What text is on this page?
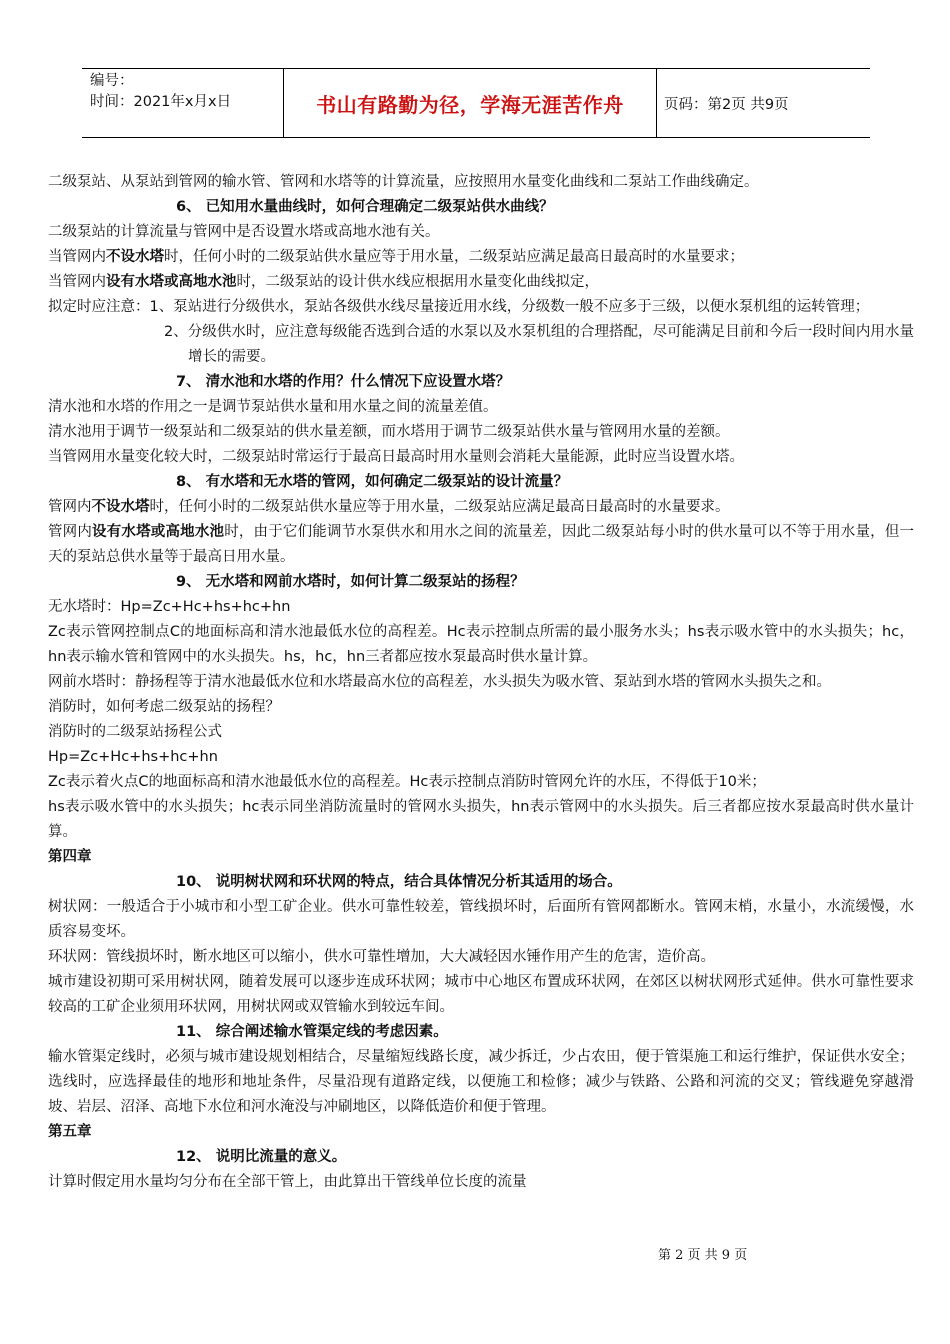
编号：
时间：2021年x月x日	书山有路勤为径，学海无涯苦作舟	页码：第2页 共9页
二级泵站、从泵站到管网的输水管、管网和水塔等的计算流量，应按照用水量变化曲线和二泵站工作曲线确定。
6、 已知用水量曲线时，如何合理确定二级泵站供水曲线？
二级泵站的计算流量与管网中是否设置水塔或高地水池有关。
当管网内不设水塔时，任何小时的二级泵站供水量应等于用水量，二级泵站应满足最高日最高时的水量要求；
当管网内设有水塔或高地水池时，二级泵站的设计供水线应根据用水量变化曲线拟定，
拟定时应注意：1、泵站进行分级供水，泵站各级供水线尽量接近用水线，分级数一般不应多于三级，以便水泵机组的运转管理；
2、分级供水时，应注意每级能否选到合适的水泵以及水泵机组的合理搭配，尽可能满足目前和今后一段时间内用水量增长的需要。
7、 清水池和水塔的作用？什么情况下应设置水塔？
清水池和水塔的作用之一是调节泵站供水量和用水量之间的流量差值。
清水池用于调节一级泵站和二级泵站的供水量差额，而水塔用于调节二级泵站供水量与管网用水量的差额。
当管网用水量变化较大时，二级泵站时常运行于最高日最高时用水量则会消耗大量能源，此时应当设置水塔。
8、 有水塔和无水塔的管网，如何确定二级泵站的设计流量？
管网内不设水塔时，任何小时的二级泵站供水量应等于用水量，二级泵站应满足最高日最高时的水量要求。
管网内设有水塔或高地水池时，由于它们能调节水泵供水和用水之间的流量差，因此二级泵站每小时的供水量可以不等于用水量，但一天的泵站总供水量等于最高日用水量。
9、 无水塔和网前水塔时，如何计算二级泵站的扬程？
无水塔时：Hp=Zc+Hc+hs+hc+hn
Zc表示管网控制点C的地面标高和清水池最低水位的高程差。Hc表示控制点所需的最小服务水头；hs表示吸水管中的水头损失；hc，hn表示输水管和管网中的水头损失。hs，hc，hn三者都应按水泵最高时供水量计算。
网前水塔时：静扬程等于清水池最低水位和水塔最高水位的高程差，水头损失为吸水管、泵站到水塔的管网水头损失之和。
消防时，如何考虑二级泵站的扬程？
消防时的二级泵站扬程公式
Hp=Zc+Hc+hs+hc+hn
Zc表示着火点C的地面标高和清水池最低水位的高程差。Hc表示控制点消防时管网允许的水压，不得低于10米；
hs表示吸水管中的水头损失；hc表示同坐消防流量时的管网水头损失，hn表示管网中的水头损失。后三者都应按水泵最高时供水量计算。
第四章
10、 说明树状网和环状网的特点，结合具体情况分析其适用的场合。
树状网：一般适合于小城市和小型工矿企业。供水可靠性较差，管线损坏时，后面所有管网都断水。管网末梢，水量小，水流缓慢，水质容易变坏。
环状网：管线损坏时，断水地区可以缩小，供水可靠性增加，大大减轻因水锤作用产生的危害，造价高。
城市建设初期可采用树状网，随着发展可以逐步连成环状网；城市中心地区布置成环状网，在郊区以树状网形式延伸。供水可靠性要求较高的工矿企业须用环状网，用树状网或双管输水到较远车间。
11、 综合阐述输水管渠定线的考虑因素。
输水管渠定线时，必须与城市建设规划相结合，尽量缩短线路长度，减少拆迁，少占农田，便于管渠施工和运行维护，保证供水安全；选线时，应选择最佳的地形和地址条件，尽量沿现有道路定线，以便施工和检修；减少与铁路、公路和河流的交叉；管线避免穿越滑坡、岩层、沼泽、高地下水位和河水淹没与冲刷地区，以降低造价和便于管理。
第五章
12、 说明比流量的意义。
计算时假定用水量均匀分布在全部干管上，由此算出干管线单位长度的流量
第 2 页 共 9 页
